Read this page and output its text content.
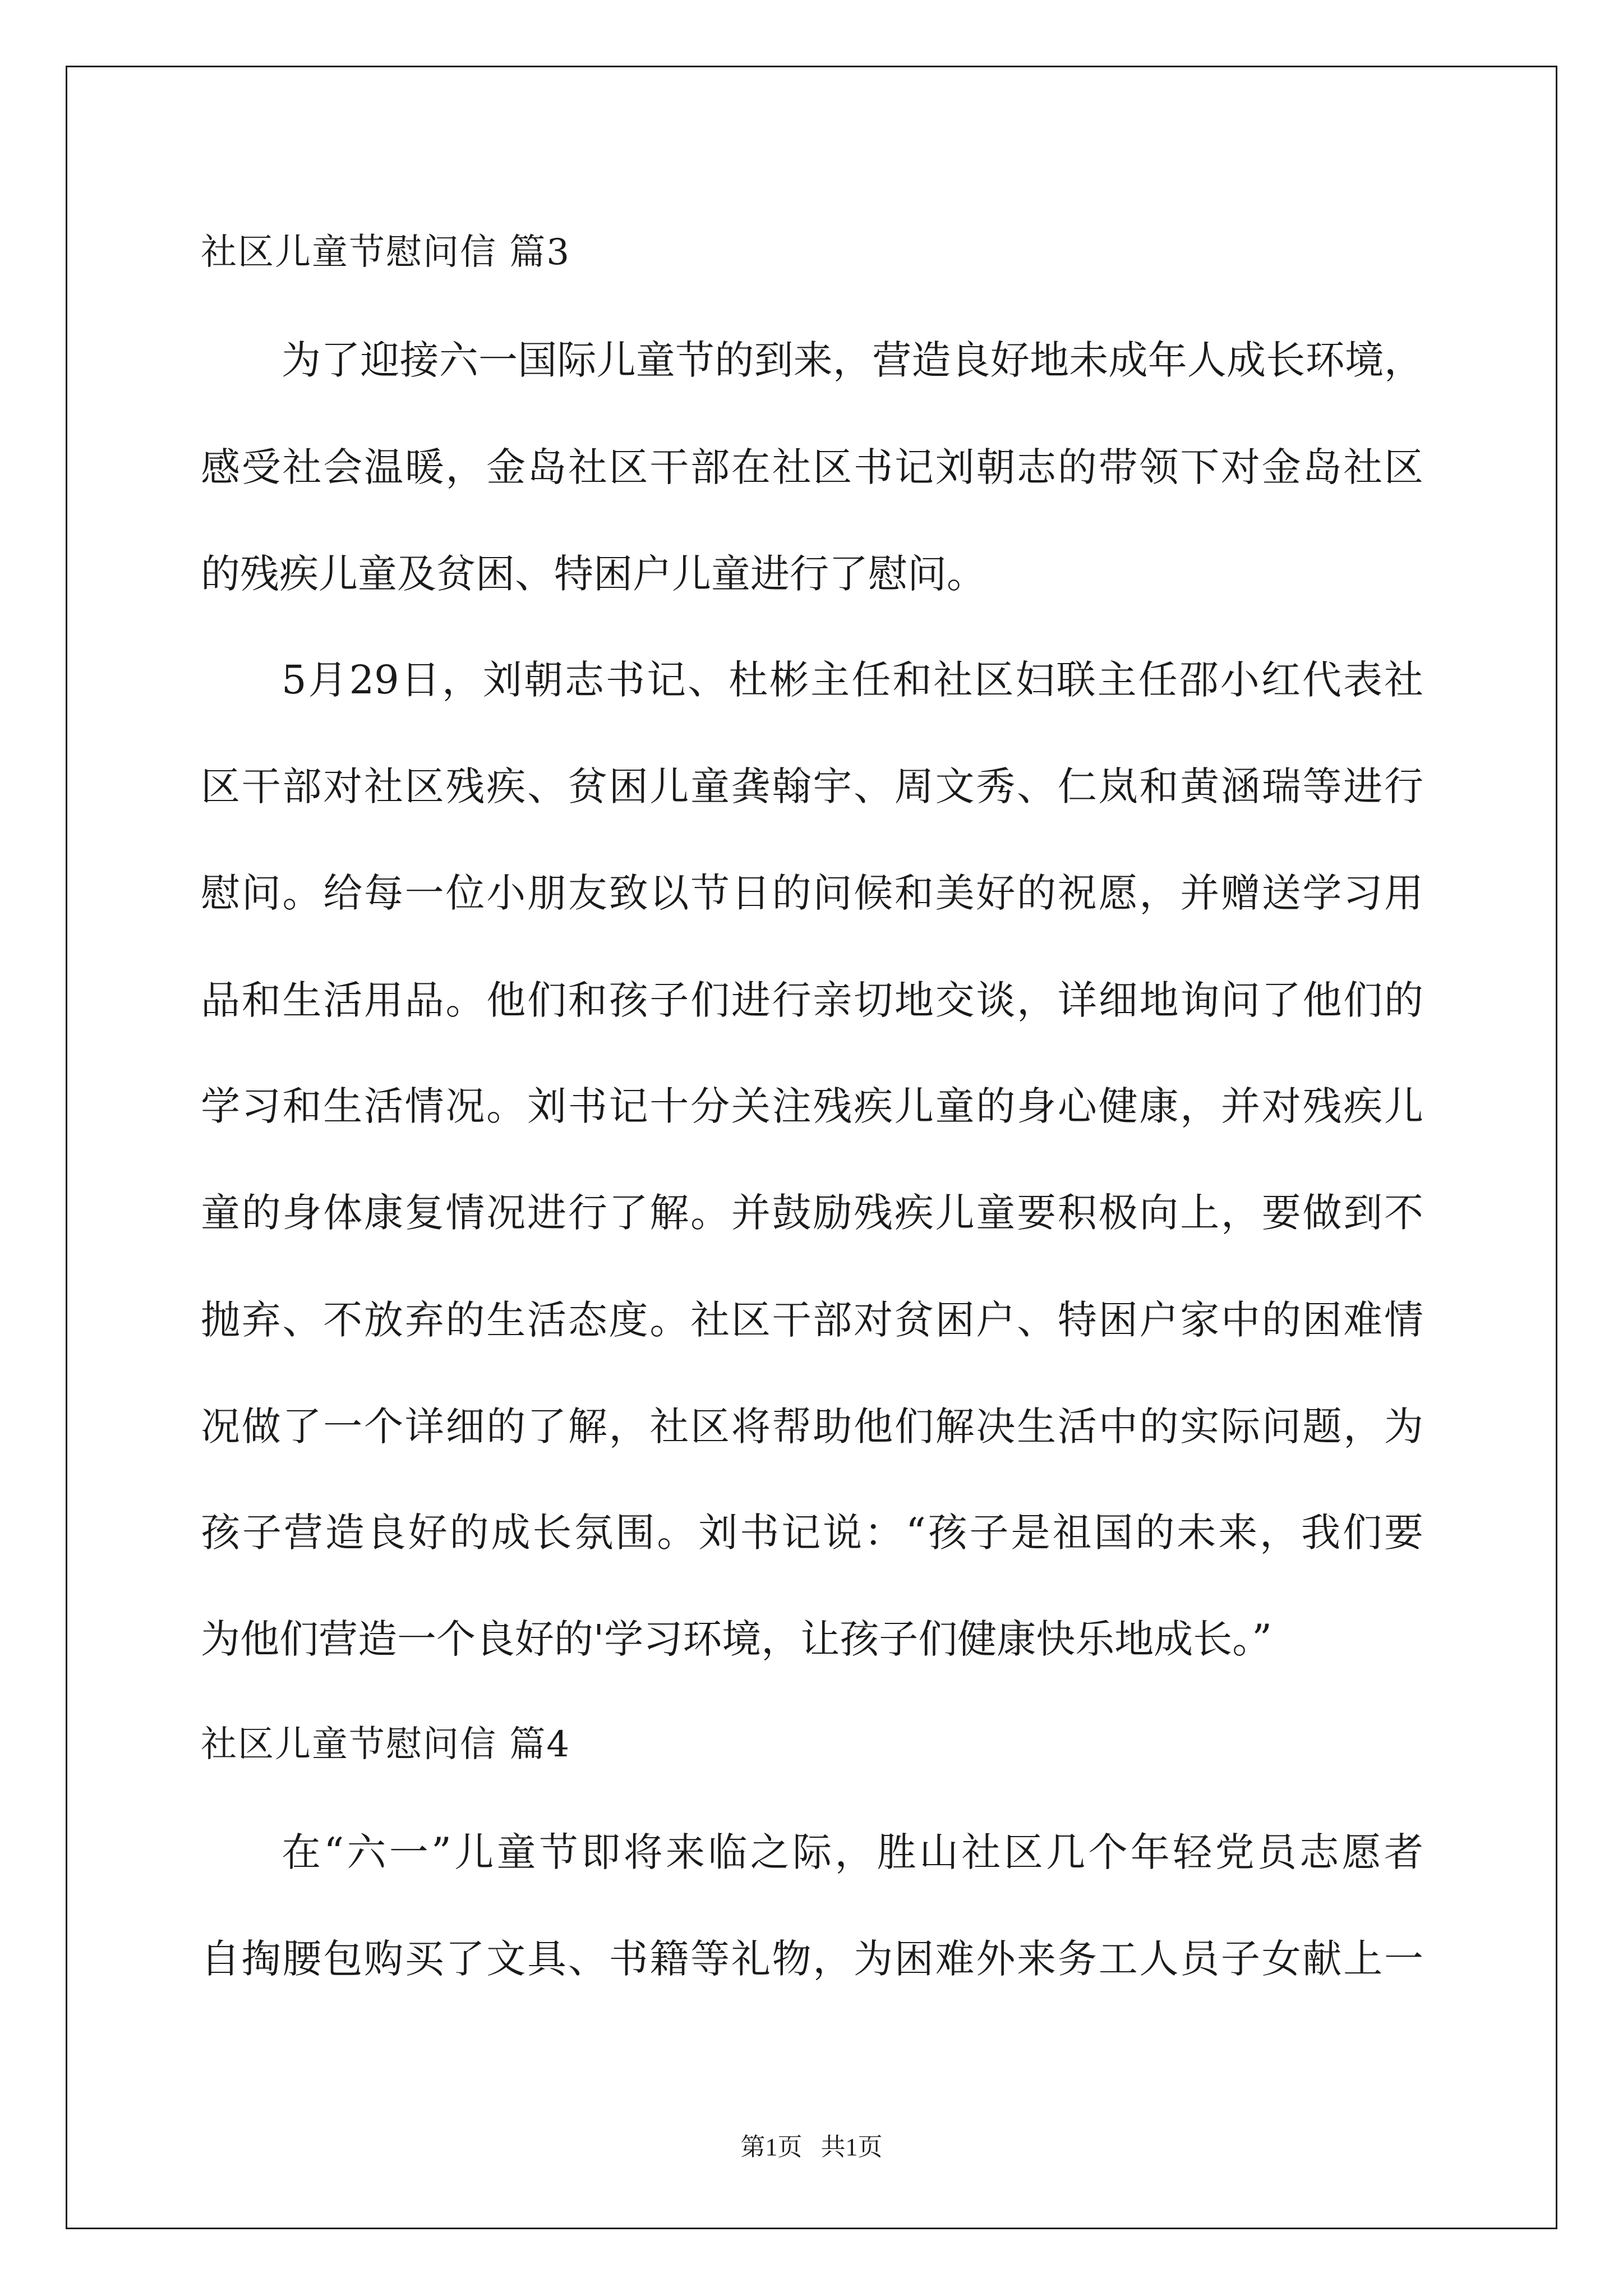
社区儿童节慰问信 篇3
为了迎接六一国际儿童节的到来，营造良好地未成年人成长环境，
感受社会温暖，金岛社区干部在社区书记刘朝志的带领下对金岛社区
的残疾儿童及贫困、特困户儿童进行了慰问。
5月29日，刘朝志书记、杜彬主任和社区妇联主任邵小红代表社
区干部对社区残疾、贫困儿童龚翰宇、周文秀、仁岚和黄涵瑞等进行
慰问。给每一位小朋友致以节日的问候和美好的祝愿，并赠送学习用
品和生活用品。他们和孩子们进行亲切地交谈，详细地询问了他们的
学习和生活情况。刘书记十分关注残疾儿童的身心健康，并对残疾儿
童的身体康复情况进行了解。并鼓励残疾儿童要积极向上，要做到不
抛弃、不放弃的生活态度。社区干部对贫困户、特困户家中的困难情
况做了一个详细的了解，社区将帮助他们解决生活中的实际问题，为
孩子营造良好的成长氛围。刘书记说：“孩子是祖国的未来，我们要
为他们营造一个良好的'学习环境，让孩子们健康快乐地成长。”
社区儿童节慰问信 篇4
在“六一”儿童节即将来临之际，胜山社区几个年轻党员志愿者
自掏腰包购买了文具、书籍等礼物，为困难外来务工人员子女献上一
第1页   共1页
